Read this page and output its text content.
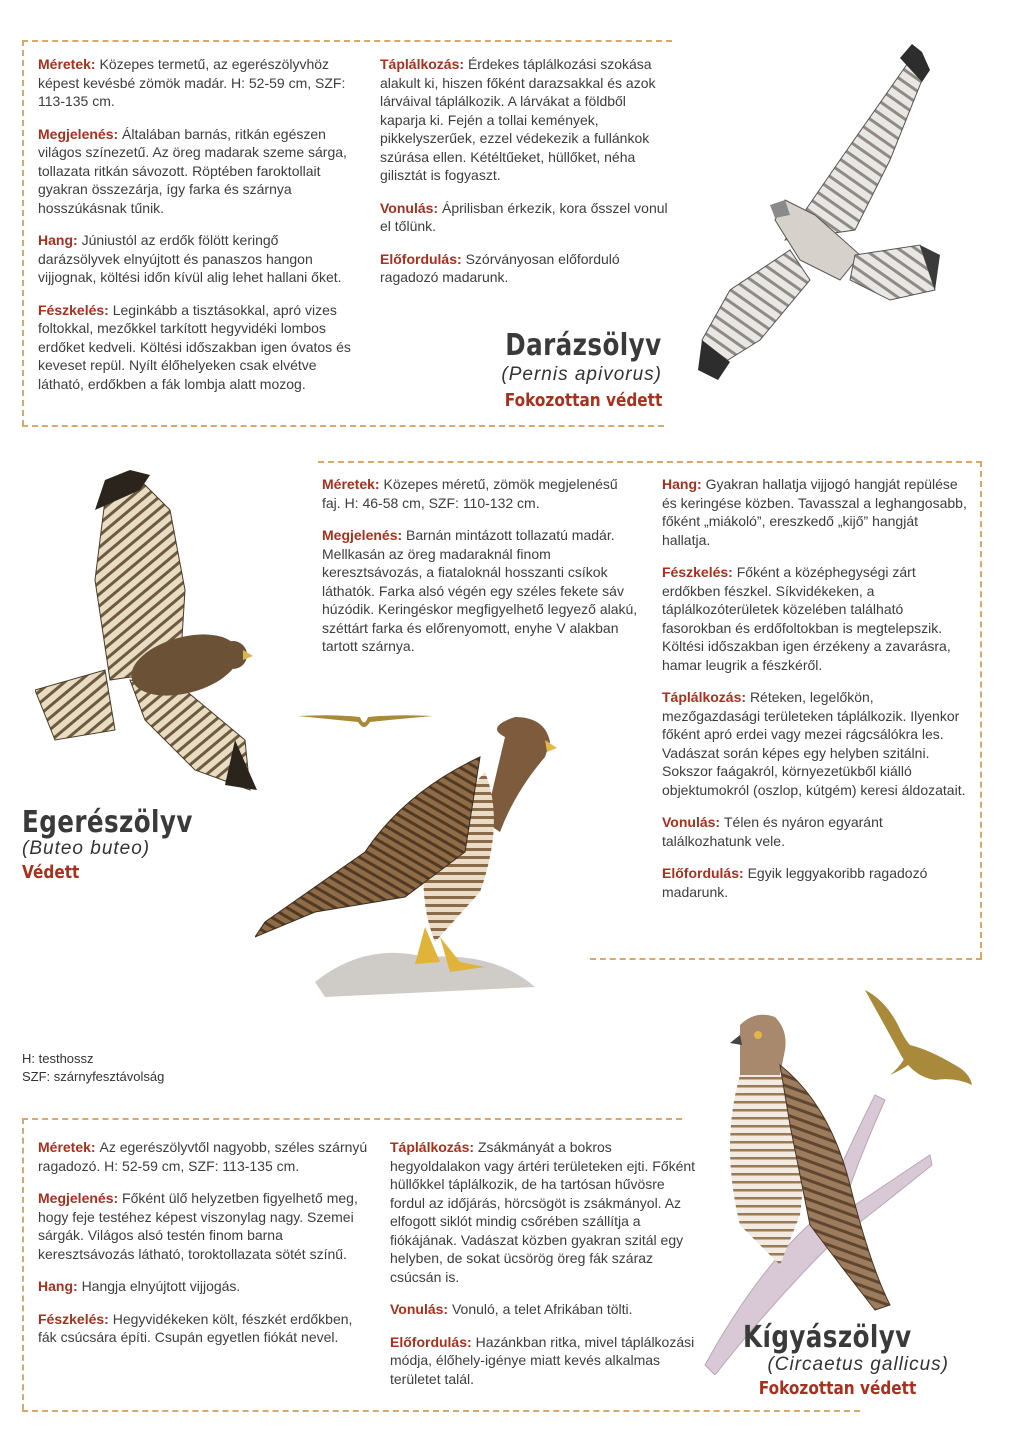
Méretek: Közepes termetű, az egerészölyvhöz képest kevésbé zömök madár. H: 52-59 cm, SZF: 113-135 cm.

Megjelenés: Általában barnás, ritkán egészen világos színezetű. Az öreg madarak szeme sárga, tollazata ritkán sávozott. Röptében faroktollait gyakran összezárja, így farka és szárnya hosszúkásnak tűnik.

Hang: Júniustól az erdők fölött keringő darázsölyvek elnyújtott és panaszos hangon vijjognak, költési időn kívül alig lehet hallani őket.

Fészkelés: Leginkább a tisztásokkal, apró vizes foltokkal, mezőkkel tarkított hegyvidéki lombos erdőket kedveli. Költési időszakban igen óvatos és keveset repül. Nyílt élőhelyeken csak elvétve látható, erdőkben a fák lombja alatt mozog.

Táplálkozás: Érdekes táplálkozási szokása alakult ki, hiszen főként darazsakkal és azok lárváival táplálkozik. A lárvákat a földből kaparja ki. Fején a tollai kemények, pikkelyszerűek, ezzel védekezik a fullánkok szúrása ellen. Kétéltűeket, hüllőket, néha gilisztát is fogyaszt.

Vonulás: Áprilisban érkezik, kora ősszel vonul el tőlünk.

Előfordulás: Szórványosan előforduló ragadozó madarunk.

Darázsölyv
(Pernis apivorus)
Fokozottan védett

Méretek: Közepes méretű, zömök megjelenésű faj. H: 46-58 cm, SZF: 110-132 cm.

Megjelenés: Barnán mintázott tollazatú madár. Mellkasán az öreg madaraknál finom keresztsávozás, a fiataloknál hosszanti csíkok láthatók. Farka alsó végén egy széles fekete sáv húzódik. Keringéskor megfigyelhető legyező alakú, széttárt farka és előrenyomott, enyhe V alakban tartott szárnya.

Hang: Gyakran hallatja vijjogó hangját repülése és keringése közben. Tavasszal a leghangosabb, főként „miákoló”, ereszkedő „kijő” hangját hallatja.

Fészkelés: Főként a középhegységi zárt erdőkben fészkel. Síkvidékeken, a táplálkozóterületek közelében található fasorokban és erdőfoltokban is megtelepszik. Költési időszakban igen érzékeny a zavarásra, hamar leugrik a fészkéről.

Táplálkozás: Réteken, legelőkön, mezőgazdasági területeken táplálkozik. Ilyenkor főként apró erdei vagy mezei rágcsálókra les. Vadászat során képes egy helyben szitálni. Sokszor faágakról, környezetükből kiálló objektumokról (oszlop, kútgém) keresi áldozatait.

Vonulás: Télen és nyáron egyaránt találkozhatunk vele.

Előfordulás: Egyik leggyakoribb ragadozó madarunk.

Egerészölyv
(Buteo buteo)
Védett
H: testhossz
SZF: szárnyfesztávolság

Méretek: Az egerészölyvtől nagyobb, széles szárnyú ragadozó. H: 52-59 cm, SZF: 113-135 cm.

Megjelenés: Főként ülő helyzetben figyelhető meg, hogy feje testéhez képest viszonylag nagy. Szemei sárgák. Világos alsó testén finom barna keresztsávozás látható, toroktollazata sötét színű.

Hang: Hangja elnyújtott vijjogás.

Fészkelés: Hegyvidékeken költ, fészkét erdőkben, fák csúcsára építi. Csupán egyetlen fiókát nevel.

Táplálkozás: Zsákmányát a bokros hegyoldalakon vagy ártéri területeken ejti. Főként hüllőkkel táplálkozik, de ha tartósan hűvösre fordul az időjárás, hörcsögöt is zsákmányol. Az elfogott siklót mindig csőrében szállítja a fiókájának. Vadászat közben gyakran szitál egy helyben, de sokat ücsörög öreg fák száraz csúcsán is.

Vonulás: Vonuló, a telet Afrikában tölti.

Előfordulás: Hazánkban ritka, mivel táplálkozási módja, élőhely-igénye miatt kevés alkalmas területet talál.

Kígyászölyv
(Circaetus gallicus)
Fokozottan védett
